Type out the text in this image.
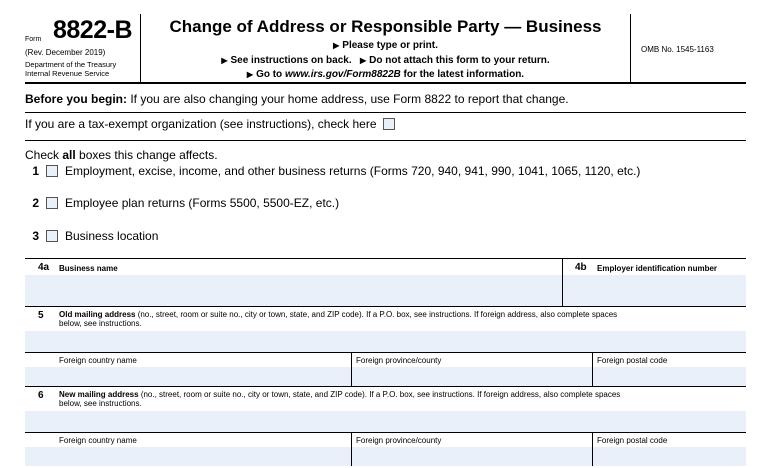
Form 8822-B
(Rev. December 2019)
Department of the Treasury
Internal Revenue Service
Change of Address or Responsible Party — Business
▶ Please type or print.
▶ See instructions on back. ▶ Do not attach this form to your return.
▶ Go to www.irs.gov/Form8822B for the latest information.
OMB No. 1545-1163
Before you begin: If you are also changing your home address, use Form 8822 to report that change.
If you are a tax-exempt organization (see instructions), check here
Check all boxes this change affects.
1 Employment, excise, income, and other business returns (Forms 720, 940, 941, 990, 1041, 1065, 1120, etc.)
2 Employee plan returns (Forms 5500, 5500-EZ, etc.)
3 Business location
4a Business name	4b Employer identification number
5 Old mailing address (no., street, room or suite no., city or town, state, and ZIP code). If a P.O. box, see instructions. If foreign address, also complete spaces
below, see instructions.
Foreign country name	Foreign province/county	Foreign postal code
6 New mailing address (no., street, room or suite no., city or town, state, and ZIP code). If a P.O. box, see instructions. If foreign address, also complete spaces
below, see instructions.
Foreign country name	Foreign province/county	Foreign postal code
